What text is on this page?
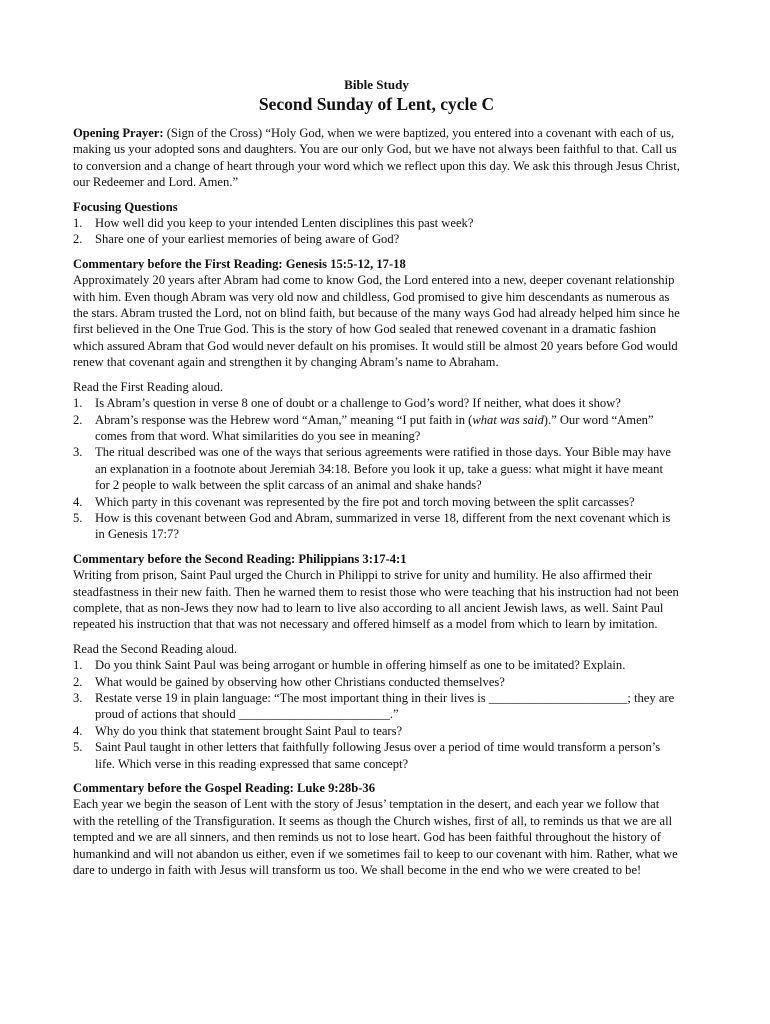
Bible Study

Second Sunday of Lent, cycle C

Opening Prayer: (Sign of the Cross) “Holy God, when we were baptized, you entered into a covenant with each of us, making us your adopted sons and daughters. You are our only God, but we have not always been faithful to that. Call us to conversion and a change of heart through your word which we reflect upon this day. We ask this through Jesus Christ, our Redeemer and Lord. Amen.”

Focusing Questions

1. How well did you keep to your intended Lenten disciplines this past week?
2. Share one of your earliest memories of being aware of God?

Commentary before the First Reading: Genesis 15:5-12, 17-18

Approximately 20 years after Abram had come to know God, the Lord entered into a new, deeper covenant relationship with him. Even though Abram was very old now and childless, God promised to give him descendants as numerous as the stars. Abram trusted the Lord, not on blind faith, but because of the many ways God had already helped him since he first believed in the One True God. This is the story of how God sealed that renewed covenant in a dramatic fashion which assured Abram that God would never default on his promises. It would still be almost 20 years before God would renew that covenant again and strengthen it by changing Abram’s name to Abraham.

Read the First Reading aloud.

1. Is Abram’s question in verse 8 one of doubt or a challenge to God’s word? If neither, what does it show?
2. Abram’s response was the Hebrew word “Aman,” meaning “I put faith in (what was said).” Our word “Amen” comes from that word. What similarities do you see in meaning?
3. The ritual described was one of the ways that serious agreements were ratified in those days. Your Bible may have an explanation in a footnote about Jeremiah 34:18. Before you look it up, take a guess: what might it have meant for 2 people to walk between the split carcass of an animal and shake hands?
4. Which party in this covenant was represented by the fire pot and torch moving between the split carcasses?
5. How is this covenant between God and Abram, summarized in verse 18, different from the next covenant which is in Genesis 17:7?

Commentary before the Second Reading: Philippians 3:17-4:1

Writing from prison, Saint Paul urged the Church in Philippi to strive for unity and humility. He also affirmed their steadfastness in their new faith. Then he warned them to resist those who were teaching that his instruction had not been complete, that as non-Jews they now had to learn to live also according to all ancient Jewish laws, as well. Saint Paul repeated his instruction that that was not necessary and offered himself as a model from which to learn by imitation.

Read the Second Reading aloud.

1. Do you think Saint Paul was being arrogant or humble in offering himself as one to be imitated? Explain.
2. What would be gained by observing how other Christians conducted themselves?
3. Restate verse 19 in plain language: “The most important thing in their lives is ______________________; they are proud of actions that should ________________________.”
4. Why do you think that statement brought Saint Paul to tears?
5. Saint Paul taught in other letters that faithfully following Jesus over a period of time would transform a person’s life. Which verse in this reading expressed that same concept?

Commentary before the Gospel Reading: Luke 9:28b-36

Each year we begin the season of Lent with the story of Jesus’ temptation in the desert, and each year we follow that with the retelling of the Transfiguration. It seems as though the Church wishes, first of all, to reminds us that we are all tempted and we are all sinners, and then reminds us not to lose heart. God has been faithful throughout the history of humankind and will not abandon us either, even if we sometimes fail to keep to our covenant with him. Rather, what we dare to undergo in faith with Jesus will transform us too. We shall become in the end who we were created to be!
